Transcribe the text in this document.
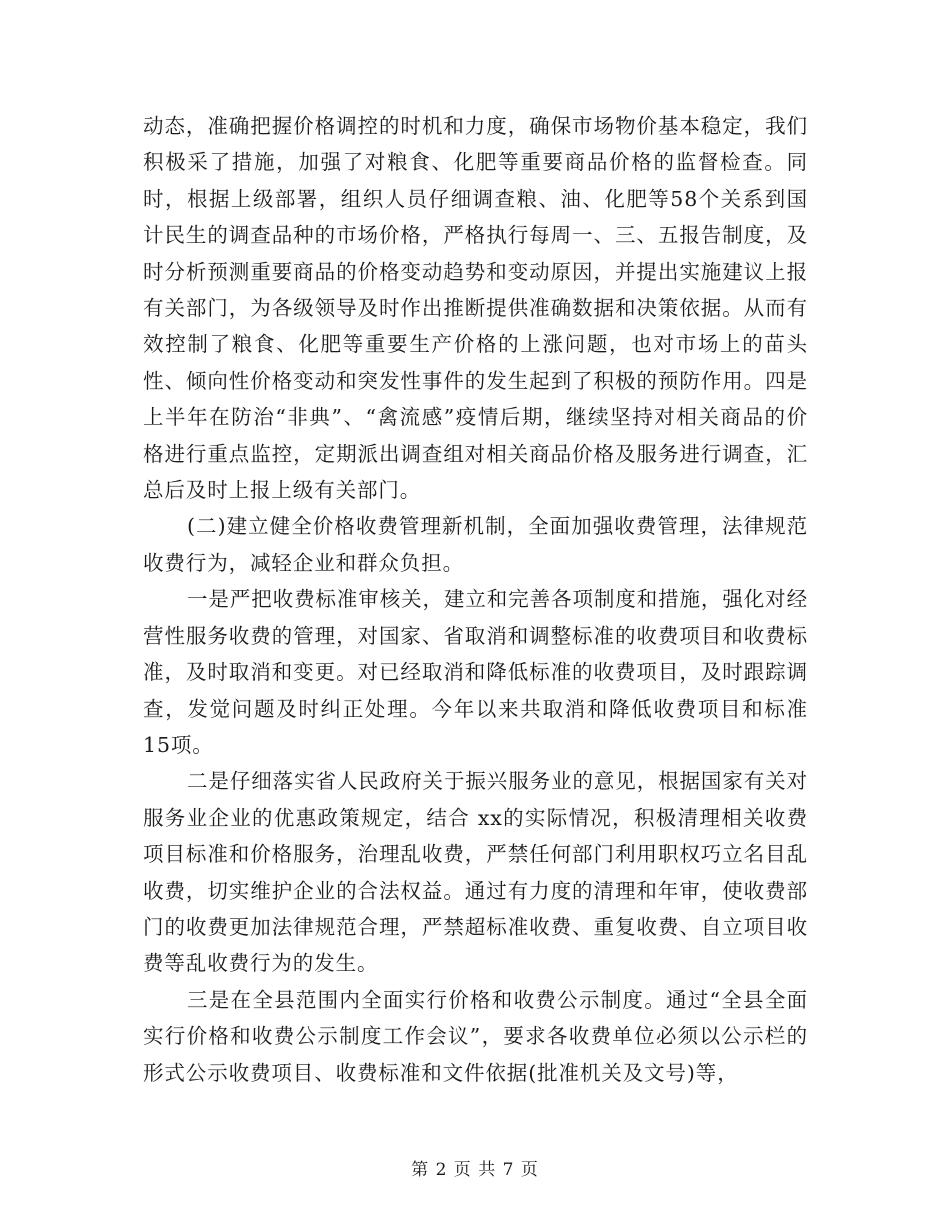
动态，准确把握价格调控的时机和力度，确保市场物价基本稳定，我们积极采了措施，加强了对粮食、化肥等重要商品价格的监督检查。同时，根据上级部署，组织人员仔细调查粮、油、化肥等58个关系到国计民生的调查品种的市场价格，严格执行每周一、三、五报告制度，及时分析预测重要商品的价格变动趋势和变动原因，并提出实施建议上报有关部门，为各级领导及时作出推断提供准确数据和决策依据。从而有效控制了粮食、化肥等重要生产价格的上涨问题，也对市场上的苗头性、倾向性价格变动和突发性事件的发生起到了积极的预防作用。四是上半年在防治“非典”、“禽流感”疫情后期，继续坚持对相关商品的价格进行重点监控，定期派出调查组对相关商品价格及服务进行调查，汇总后及时上报上级有关部门。

(二)建立健全价格收费管理新机制，全面加强收费管理，法律规范收费行为，减轻企业和群众负担。

一是严把收费标准审核关，建立和完善各项制度和措施，强化对经营性服务收费的管理，对国家、省取消和调整标准的收费项目和收费标准，及时取消和变更。对已经取消和降低标准的收费项目，及时跟踪调查，发觉问题及时纠正处理。今年以来共取消和降低收费项目和标准15项。

二是仔细落实省人民政府关于振兴服务业的意见，根据国家有关对服务业企业的优惠政策规定，结合 xx的实际情况，积极清理相关收费项目标准和价格服务，治理乱收费，严禁任何部门利用职权巧立名目乱收费，切实维护企业的合法权益。通过有力度的清理和年审，使收费部门的收费更加法律规范合理，严禁超标准收费、重复收费、自立项目收费等乱收费行为的发生。

三是在全县范围内全面实行价格和收费公示制度。通过“全县全面实行价格和收费公示制度工作会议”，要求各收费单位必须以公示栏的形式公示收费项目、收费标准和文件依据(批准机关及文号)等，

第 2 页 共 7 页
